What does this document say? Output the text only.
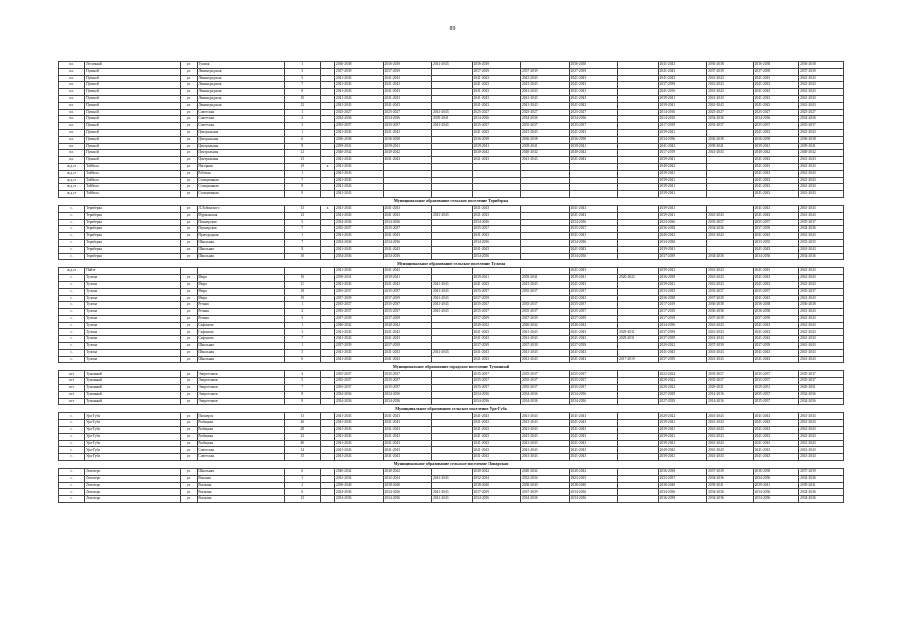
89
пл.	Лесичный	ул.	Тукмак	1		2036-2038	2036-2038	2041-2043	2036-2038		2036-2038		2041-2043	2036-2038	2036-2038	2036-2038
пл.	Пушной	ул.	Ленинградская	3		2037-2039	2037-2039		2037-2039	2037-2039	2037-2039		2041-2043	2037-2039	2037-2039	2037-2039
пл.	Пушной	ул.	Ленинградская	5		2041-2043	2041-2043		2041-2043	2041-2043	2041-2043		2041-2043	2041-2043	2041-2043	2041-2043
пл.	Пушной	ул.	Ленинградская	7		2041-2043	2041-2043		2041-2043	2041-2043	2041-2043		2037-2039	2041-2043	2041-2043	2041-2043
пл.	Пушной	ул.	Ленинградская	8		2041-2043	2041-2043		2041-2043	2041-2043	2041-2043		2041-2016	2041-2043	2041-2043	2041-2043
пл.	Пушной	ул.	Ленинградская	10		2041-2043	2041-2043		2041-2043	2041-2043	2041-2043		2039-2041	2041-2043	2041-2043	2041-2043
пл.	Пушной	ул.	Ленинградская	12		2041-2043	2041-2043		2041-2043	2041-2043	2041-2043		2039-2041	2041-2043	2041-2043	2041-2043
пл.	Пушной	ул.	Советская	1		2025-2027	2025-2027	2041-2043	2025-2027	2025-2027	2025-2027		2014-2016	2025-2027	2025-2027	2025-2027
пл.	Пушной	ул.	Советская	2		2034-2036	2034-2036	2039-2041	2034-2036	2034-2036	2034-2036		2014-2016	2034-2036	2034-2036	2034-2036
пл.	Пушной	ул.	Советская	3		2035-2037	2035-2037	2041-2043	2035-2037	2035-2037	2035-2037		2017-2019	2035-2037	2035-2037	2035-2037
пл.	Пушной	ул.	Центральная	1		2041-2043	2041-2043		2041-2043	2041-2043	2041-2043		2039-2041		2041-2043	2041-2043
пл.	Пушной	ул.	Центральная	6		2036-2038	2036-2038		2036-2038	2036-2038	2036-2038		2034-2036	2036-2038	2036-2038	2036-2038
пл.	Пушной	ул.	Центральная	8		2039-2041	2039-2041		2039-2041	2039-2041	2039-2041		2041-2043	2039-2041	2039-2041	2039-2041
пл.	Пушной	ул.	Центральная	12		2040-2042	2040-2042		2040-2042	2040-2042	2040-2042		2017-2019	2041-2043	2040-2042	2040-2042
пл.	Пушной	ул.	Центральная	13		2041-2043	2041-2043		2041-2043	2041-2043	2041-2043		2039-2041		2041-2043	2041-2043
ж.д.ст	Тайбола	ул.	Нагорная	19	а	2041-2043							2040-2042		2041-2043	2041-2043
ж.д.ст	Тайбола	ул.	Рабочая	1		2041-2043							2039-2041		2041-2043	2041-2043
ж.д.ст	Тайбола	ул.	Станционная	7		2041-2043							2039-2041		2041-2043	2041-2043
ж.д.ст	Тайбола	ул.	Станционная	8		2041-2043							2039-2041		2041-2043	2041-2043
ж.д.ст	Тайбола	ул.	Станционная	9		2041-2043							2039-2041		2041-2043	2041-2043
Муниципальное образование сельское поселение Териберка																
с.	Териберка	ул.	Л.Лабинского	13	а	2041-2043	2041-2043		2041-2043		2041-2043		2039-2041		2041-2043	2041-2043
с.	Териберка	ул.	Мурманская	12		2041-2043	2041-2043	2041-2043	2041-2043		2041-2043		2039-2041	2041-2043	2041-2043	2041-2043
с.	Териберка	ул.	Пионерская	5		2034-2036	2034-2036		2034-2036		2034-2036		2024-2026	2035-2037	2035-2037	2035-2037
с.	Териберка	ул.	Пионерская	7		2035-2037	2035-2037		2035-2037		2035-2037		2036-2038	2034-2036	2037-2039	2034-2036
с.	Териберка	ул.	Пригородная	1		2041-2043	2041-2043		2041-2043		2041-2043		2040-2042	2041-2043	2041-2043	2041-2043
с.	Териберка	ул.	Школьная	7		2034-2036	2034-2036		2034-2036		2034-2036		2034-2036		2033-2035	2033-2035
с.	Териберка	ул.	Школьная	8		2041-2043	2041-2043		2041-2043		2041-2043		2039-2041		2041-2043	2041-2043
с.	Териберка	ул.	Школьная	10		2034-2036	2034-2036		2034-2036		2034-2036		2037-2039	2034-2036	2034-2036	2034-2036
Муниципальное образование сельское поселение Тулома																
ж.д.ст	Пайте					2041-2043	2041-2043				2041-2043		2039-2041	2041-2043	2041-2043	2041-2043
с.	Тулома	ул.	Мира	10		2039-2041	2039-2041		2039-2041	2039-2041	2039-2041	2020-2022	2036-2038	2041-2043	2041-2043	2041-2043
с.	Тулома	ул.	Мира	11		2041-2043	2041-2043	2041-2043	2041-2043	2041-2043	2041-2043		2039-2041	2041-2043	2041-2043	2041-2043
с.	Тулома	ул.	Мира	18		2035-2037	2035-2037	2041-2043	2035-2037	2035-2037	2035-2037		2033-2035	2035-2037	2035-2037	2035-2037
с.	Тулома	ул.	Мира	19		2037-2039	2037-2039	2041-2043	2037-2039		2041-2043		2036-2038	2037-2039	2041-2043	2041-2043
с.	Тулома	ул.	Речная	1		2035-2037	2035-2037	2041-2043	2035-2037	2035-2037	2035-2037		2017-2019	2036-2038	2036-2038	2036-2038
с.	Тулома	ул.	Речная	2		2035-2037	2035-2037	2041-2043	2035-2037	2035-2037	2035-2037		2017-2019	2036-2038	2036-2038	2041-2043
с.	Тулома	ул.	Речная	3		2037-2039	2037-2039		2037-2039	2037-2039	2037-2039		2017-2019	2037-2039	2037-2039	2041-2043
с.	Тулома	ул.	Сафонова	1		2040-2042	2040-2042		2040-2042	2040-2042	2040-2042		2034-2036	2041-2043	2041-2043	2041-2043
с.	Тулома	ул.	Сафонова	3		2041-2043	2041-2043		2041-2043	2041-2043	2041-2043	2029-2031	2037-2039	2041-2043	2041-2043	2041-2043
с.	Тулома	ул.	Сафонова	7		2041-2043	2041-2043		2041-2043	2041-2043	2041-2043	2029-2031	2037-2039	2041-2043	2041-2043	2041-2043
с.	Тулома	ул.	Школьная	1		2037-2039	2037-2039		2037-2039	2037-2039	2037-2039		2020-2022	2037-2039	2037-2039	2041-2043
с.	Тулома	ул.	Школьная	5		2041-2043	2041-2043	2041-2043	2041-2043	2041-2043	2041-2043		2041-2043	2041-2043	2041-2043	2041-2043
с.	Тулома	ул.	Школьная	6		2041-2043	2041-2043		2041-2043	2041-2043	2041-2043	2017-2019	2037-2039	2041-2043	2041-2043	2041-2043
Муниципальное образование городское поселение Туманный																
пгт	Туманный	ул.	Энергетиков	4		2035-2037	2035-2037		2035-2037	2035-2037	2035-2037		2022-2024	2035-2037	2035-2037	2035-2037
пгт	Туманный	ул.	Энергетиков	5		2035-2037	2035-2037		2035-2037	2035-2037	2035-2037		2020-2022	2035-2037	2035-2037	2035-2037
пгт	Туманный	ул.	Энергетиков	7		2035-2037	2035-2037		2035-2037	2035-2037	2035-2037		2020-2022	2029-2031	2029-2031	2029-2031
пгт	Туманный	ул.	Энергетиков	8		2034-2036	2034-2036		2034-2036	2034-2036	2034-2036		2027-2029	2014-2016	2035-2037	2034-2036
пгт	Туманный	ул.	Энергетиков	9		2034-2036	2034-2036		2034-2036	2034-2036	2034-2036		2027-2029	2014-2016	2035-2037	2034-2036
Муниципальное образование сельское поселение Ура-Губа																
с.	Ура-Губа	ул.	Пионерск	13		2041-2043	2041-2043		2041-2043	2041-2043	2041-2043		2020-2022	2041-2043	2041-2043	2041-2043
с.	Ура-Губа	ул.	Рыбацкая	26		2041-2043	2041-2043		2041-2043	2041-2043	2041-2043		2039-2041	2041-2043	2041-2043	2041-2043
с.	Ура-Губа	ул.	Рыбацкая	28		2041-2043	2041-2043		2041-2043	2041-2043	2041-2043		2039-2041	2041-2043	2041-2043	2041-2043
с.	Ура-Губа	ул.	Рыбацкая	32		2041-2043	2041-2043		2041-2043	2041-2043	2041-2043		2039-2041	2041-2043	2041-2043	2041-2043
с.	Ура-Губа	ул.	Рыбацкая	40		2041-2043	2041-2043		2041-2043	2041-2043	2041-2043		2039-2041	2041-2043	2041-2043	2041-2043
с.	Ура-Губа	ул.	Советская	14		2041-2043	2041-2043		2041-2043	2041-2043	2041-2043		2040-2042	2041-2043	2041-2043	2041-2043
с.	Ура-Губа	ул.	Советская	15		2041-2043	2041-2043		2041-2043	2041-2043	2041-2043		2039-2041	2041-2043	2041-2043	2041-2043
Муниципальное образование сельское поселение Лопарская																
с.	Ловозеро	ул.	Школьная	6		2040-2042	2040-2042		2040-2042	2040-2042	2040-2042		2036-2038	2037-2039	2036-2038	2037-2039
с.	Ловозеро	ул.	Вокзная	1		2032-2034	2032-2034	2041-2043	2032-2034	2032-2034	2023-2025		2033-2037	2034-2036	2034-2036	2034-2036
с.	Ловозеро	ул.	Вогмана	2		2038-2040	2038-2040		2038-2040	2038-2040	2038-2040		2038-2040	2039-2041	2039-2041	2039-2041
с.	Ловозеро	ул.	Вогмана	6		2034-2036	2034-2036	2041-2043	2037-2039	2037-2039	2034-2036		2034-2036	2034-2036	2034-2036	2034-2036
с.	Ловозеро	ул.	Вогмана	13		2034-2036	2034-2036	2041-2043	2034-2036	2034-2036	2034-2036		2036-2038	2034-2036	2034-2036	2034-2036
